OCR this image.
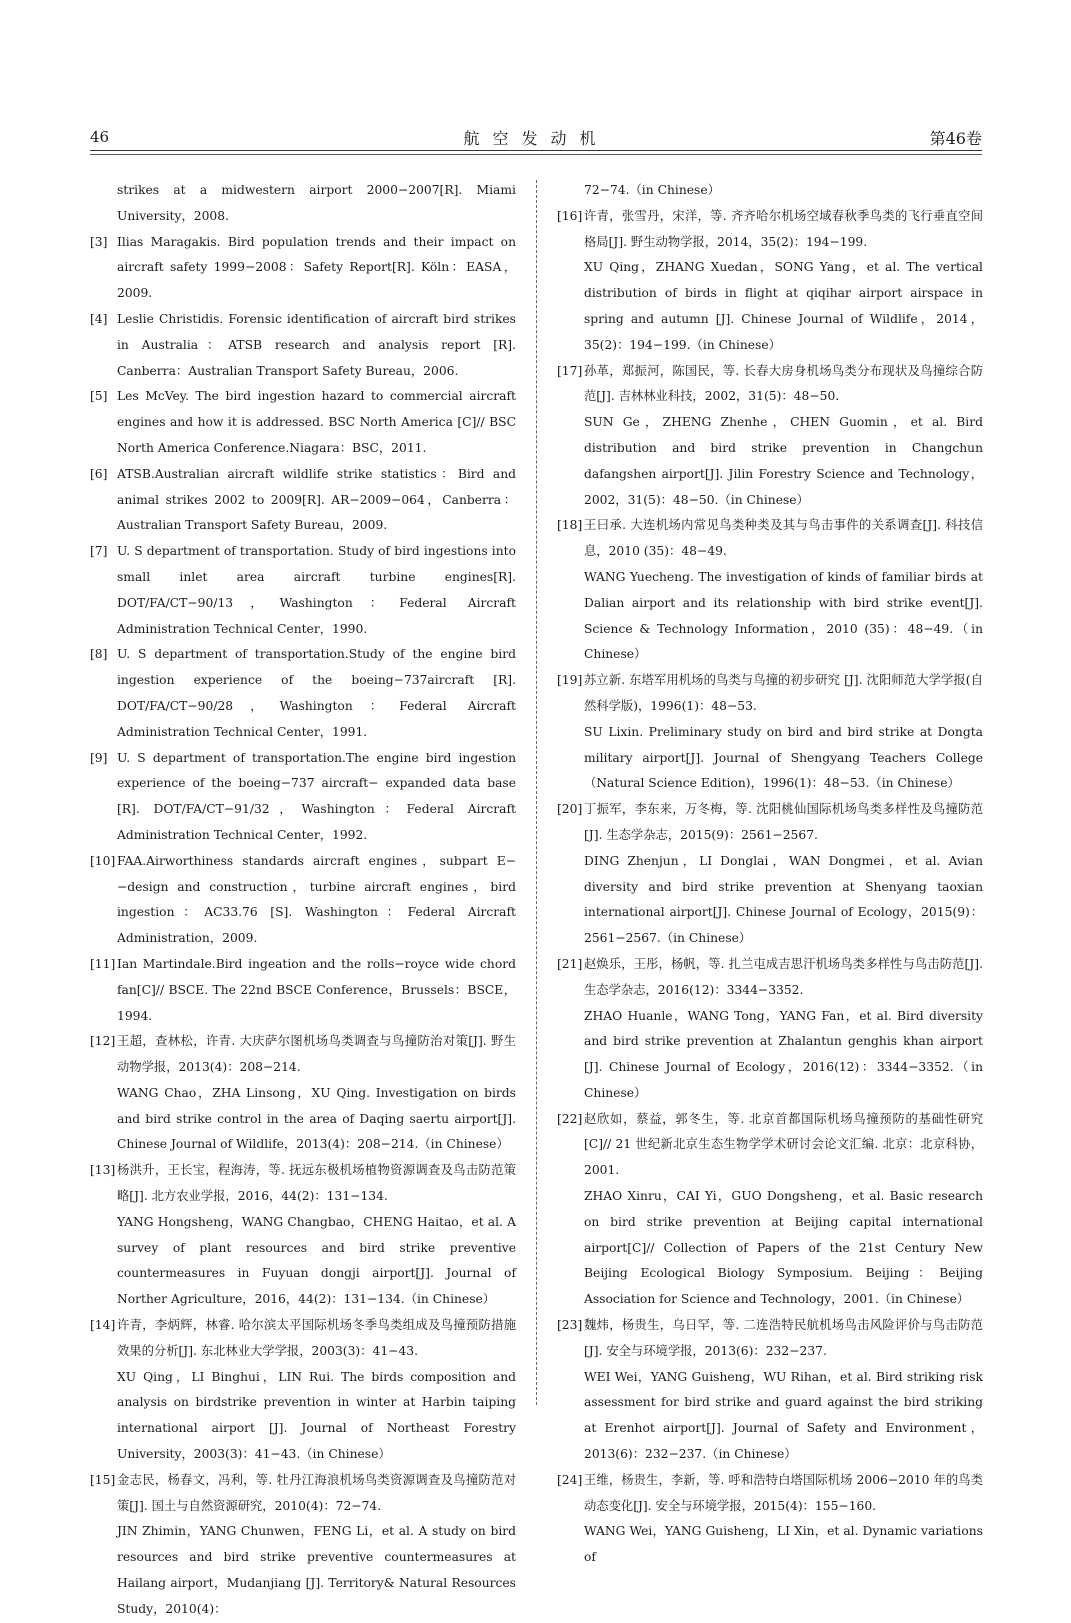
46	航空发动机	第46卷

strikes at a midwestern airport 2000−2007[R]. Miami University，2008.

[3] Ilias Maragakis. Bird population trends and their impact on aircraft safety 1999−2008：Safety Report[R]. Köln：EASA，2009.

[4] Leslie Christidis. Forensic identification of aircraft bird strikes in Australia：ATSB research and analysis report [R]. Canberra：Australian Transport Safety Bureau，2006.

[5] Les McVey. The bird ingestion hazard to commercial aircraft engines and how it is addressed. BSC North America [C]// BSC North America Conference.Niagara：BSC，2011.

[6] ATSB.Australian aircraft wildlife strike statistics：Bird and animal strikes 2002 to 2009[R]. AR−2009−064，Canberra：Australian Transport Safety Bureau，2009.

[7] U. S department of transportation. Study of bird ingestions into small inlet area aircraft turbine engines[R]. DOT/FA/CT−90/13，Washington：Federal Aircraft Administration Technical Center，1990.

[8] U. S department of transportation.Study of the engine bird ingestion experience of the boeing−737aircraft [R]. DOT/FA/CT−90/28，Washington：Federal Aircraft Administration Technical Center，1991.

[9] U. S department of transportation.The engine bird ingestion experience of the boeing−737 aircraft− expanded data base [R]. DOT/FA/CT−91/32，Washington：Federal Aircraft Administration Technical Center，1992.

[10] FAA.Airworthiness standards aircraft engines，subpart E−−design and construction，turbine aircraft engines，bird ingestion：AC33.76 [S]. Washington：Federal Aircraft Administration，2009.

[11] Ian Martindale.Bird ingeation and the rolls−royce wide chord fan[C]// BSCE. The 22nd BSCE Conference，Brussels：BSCE，1994.

[12] 王超，查林松，许青. 大庆萨尔图机场鸟类调查与鸟撞防治对策[J]. 野生动物学报，2013(4)：208−214.

WANG Chao，ZHA Linsong，XU Qing. Investigation on birds and bird strike control in the area of Daqing saertu airport[J]. Chinese Journal of Wildlife，2013(4)：208−214.（in Chinese）

[13] 杨洪升，王长宝，程海涛，等. 抚远东极机场植物资源调查及鸟击防范策略[J]. 北方农业学报，2016，44(2)：131−134.

YANG Hongsheng，WANG Changbao，CHENG Haitao，et al. A survey of plant resources and bird strike preventive countermeasures in Fuyuan dongji airport[J]. Journal of Norther Agriculture，2016，44(2)：131−134.（in Chinese）

[14] 许青，李炳辉，林睿. 哈尔滨太平国际机场冬季鸟类组成及鸟撞预防措施效果的分析[J]. 东北林业大学学报，2003(3)：41−43.

XU Qing，LI Binghui，LIN Rui. The birds composition and analysis on birdstrike prevention in winter at Harbin taiping international airport [J]. Journal of Northeast Forestry University，2003(3)：41−43.（in Chinese）

[15] 金志民，杨春文，冯利，等. 牡丹江海浪机场鸟类资源调查及鸟撞防范对策[J]. 国土与自然资源研究，2010(4)：72−74.

JIN Zhimin，YANG Chunwen，FENG Li，et al. A study on bird resources and bird strike preventive countermeasures at Hailang airport，Mudanjiang [J]. Territory& Natural Resources Study，2010(4)：

72−74.（in Chinese）

[16] 许青，张雪丹，宋洋，等. 齐齐哈尔机场空域春秋季鸟类的飞行垂直空间格局[J]. 野生动物学报，2014，35(2)：194−199.

XU Qing，ZHANG Xuedan，SONG Yang，et al. The vertical distribution of birds in flight at qiqihar airport airspace in spring and autumn [J]. Chinese Journal of Wildlife，2014，35(2)：194−199.（in Chinese）

[17] 孙革，郑振河，陈国民，等. 长春大房身机场鸟类分布现状及鸟撞综合防范[J]. 吉林林业科技，2002，31(5)：48−50.

SUN Ge，ZHENG Zhenhe，CHEN Guomin，et al. Bird distribution and bird strike prevention in Changchun dafangshen airport[J]. Jilin Forestry Science and Technology，2002，31(5)：48−50.（in Chinese）

[18] 王曰承. 大连机场内常见鸟类种类及其与鸟击事件的关系调查[J]. 科技信息，2010 (35)：48−49.

WANG Yuecheng. The investigation of kinds of familiar birds at Dalian airport and its relationship with bird strike event[J]. Science & Technology Information，2010 (35)：48−49.（in Chinese）

[19] 苏立新. 东塔军用机场的鸟类与鸟撞的初步研究 [J]. 沈阳师范大学学报(自然科学版)，1996(1)：48−53.

SU Lixin. Preliminary study on bird and bird strike at Dongta military airport[J]. Journal of Shengyang Teachers College（Natural Science Edition)，1996(1)：48−53.（in Chinese）

[20] 丁振军，李东来，万冬梅，等. 沈阳桃仙国际机场鸟类多样性及鸟撞防范[J]. 生态学杂志，2015(9)：2561−2567.

DING Zhenjun，LI Donglai，WAN Dongmei，et al. Avian diversity and bird strike prevention at Shenyang taoxian international airport[J]. Chinese Journal of Ecology，2015(9)：2561−2567.（in Chinese）

[21] 赵焕乐，王彤，杨帆，等. 扎兰屯成吉思汗机场鸟类多样性与鸟击防范[J]. 生态学杂志，2016(12)：3344−3352.

ZHAO Huanle，WANG Tong，YANG Fan，et al. Bird diversity and bird strike prevention at Zhalantun genghis khan airport [J]. Chinese Journal of Ecology，2016(12)：3344−3352.（in Chinese）

[22] 赵欣如，蔡益，郭冬生，等. 北京首都国际机场鸟撞预防的基础性研究 [C]// 21 世纪新北京生态生物学学术研讨会论文汇编. 北京：北京科协，2001.

ZHAO Xinru，CAI Yi，GUO Dongsheng，et al. Basic research on bird strike prevention at Beijing capital international airport[C]// Collection of Papers of the 21st Century New Beijing Ecological Biology Symposium. Beijing：Beijing Association for Science and Technology，2001.（in Chinese）

[23] 魏炜，杨贵生，乌日罕，等. 二连浩特民航机场鸟击风险评价与鸟击防范[J]. 安全与环境学报，2013(6)：232−237.

WEI Wei，YANG Guisheng，WU Rihan，et al. Bird striking risk assessment for bird strike and guard against the bird striking at Erenhot airport[J]. Journal of Safety and Environment，2013(6)：232−237.（in Chinese）

[24] 王维，杨贵生，李新，等. 呼和浩特白塔国际机场 2006−2010 年的鸟类动态变化[J]. 安全与环境学报，2015(4)：155−160.

WANG Wei，YANG Guisheng，LI Xin，et al. Dynamic variations of
